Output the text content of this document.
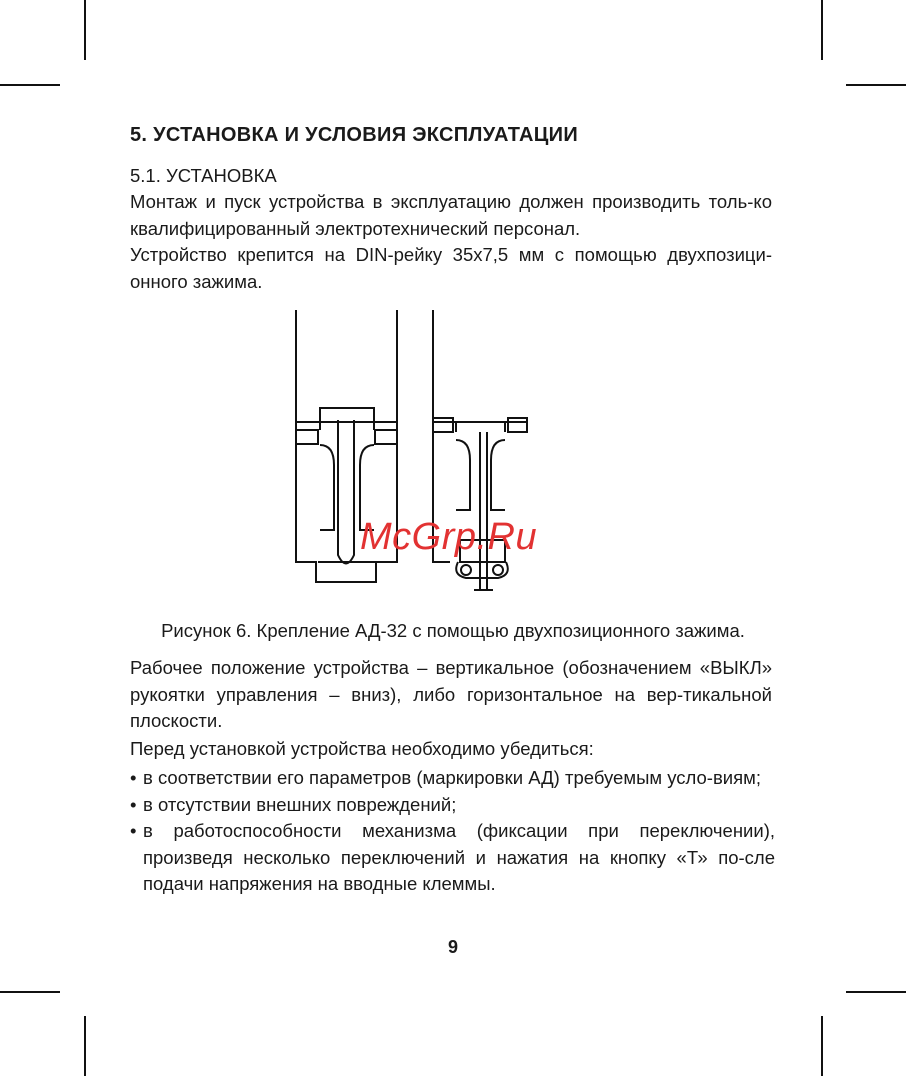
5. УСТАНОВКА И УСЛОВИЯ ЭКСПЛУАТАЦИИ
5.1. УСТАНОВКА

Монтаж и пуск устройства в эксплуатацию должен производить толь-ко квалифицированный электротехнический персонал.

Устройство крепится на DIN-рейку 35х7,5 мм с помощью двухпозици-онного зажима.

McGrp.Ru
Рисунок 6. Крепление АД-32 с помощью двухпозиционного зажима.

Рабочее положение устройства – вертикальное (обозначением «ВЫКЛ» рукоятки управления – вниз), либо горизонтальное на вер-тикальной плоскости.

Перед установкой устройства необходимо убедиться:

• в соответствии его параметров (маркировки АД) требуемым усло-виям;
• в отсутствии внешних повреждений;
• в работоспособности механизма (фиксации при переключении), произведя несколько переключений и нажатия на кнопку «Т» по-сле подачи напряжения на вводные клеммы.
9
